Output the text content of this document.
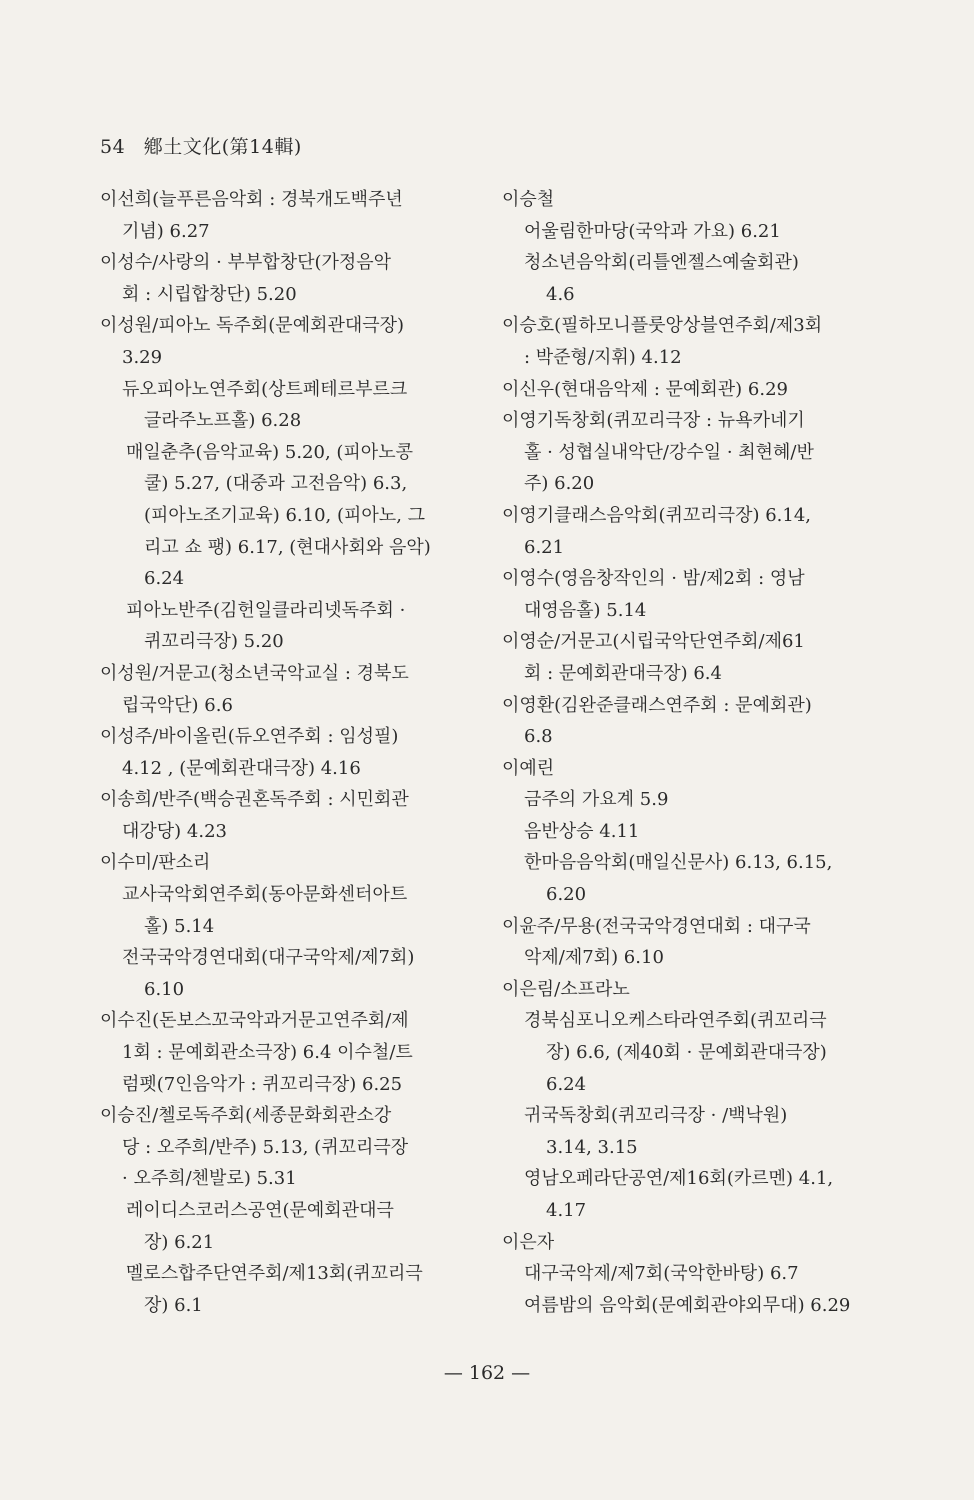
54 鄕土文化(第14輯)
이선희(늘푸른음악회 : 경북개도백주년
기념) 6.27
이성수/사랑의 · 부부합창단(가정음악
회 : 시립합창단) 5.20
이성원/피아노 독주회(문예회관대극장)
3.29
듀오피아노연주회(상트페테르부르크
글라주노프홀) 6.28
매일춘추(음악교육) 5.20, (피아노콩
쿨) 5.27, (대중과 고전음악) 6.3,
(피아노조기교육) 6.10, (피아노, 그
리고 쇼 팽) 6.17, (현대사회와 음악)
6.24
피아노반주(김헌일클라리넷독주회 ·
퀴꼬리극장) 5.20
이성원/거문고(청소년국악교실 : 경북도
립국악단) 6.6
이성주/바이올린(듀오연주회 : 임성필)
4.12 , (문예회관대극장) 4.16
이송희/반주(백승권혼독주회 : 시민회관
대강당) 4.23
이수미/판소리
교사국악회연주회(동아문화센터아트
홀) 5.14
전국국악경연대회(대구국악제/제7회)
6.10
이수진(돈보스꼬국악과거문고연주회/제
1회 : 문예회관소극장) 6.4 이수철/트
럼펫(7인음악가 : 퀴꼬리극장) 6.25
이승진/첼로독주회(세종문화회관소강
당 : 오주희/반주) 5.13, (퀴꼬리극장
· 오주희/첸발로) 5.31
레이디스코러스공연(문예회관대극
장) 6.21
멜로스합주단연주회/제13회(퀴꼬리극
장) 6.1
이승철
어울림한마당(국악과 가요) 6.21
청소년음악회(리틀엔젤스예술회관)
4.6
이승호(필하모니플룻앙상블연주회/제3회
: 박준형/지휘) 4.12
이신우(현대음악제 : 문예회관) 6.29
이영기독창회(퀴꼬리극장 : 뉴욕카네기
홀 · 성협실내악단/강수일 · 최현혜/반
주) 6.20
이영기클래스음악회(퀴꼬리극장) 6.14,
6.21
이영수(영음창작인의 · 밤/제2회 : 영남
대영음홀) 5.14
이영순/거문고(시립국악단연주회/제61
회 : 문예회관대극장) 6.4
이영환(김완준클래스연주회 : 문예회관)
6.8
이예린
금주의 가요계 5.9
음반상승 4.11
한마음음악회(매일신문사) 6.13, 6.15,
6.20
이윤주/무용(전국국악경연대회 : 대구국
악제/제7회) 6.10
이은림/소프라노
경북심포니오케스타라연주회(퀴꼬리극
장) 6.6, (제40회 · 문예회관대극장)
6.24
귀국독창회(퀴꼬리극장 · /백낙원)
3.14, 3.15
영남오페라단공연/제16회(카르멘) 4.1,
4.17
이은자
대구국악제/제7회(국악한바탕) 6.7
여름밤의 음악회(문예회관야외무대) 6.29
— 162 —
